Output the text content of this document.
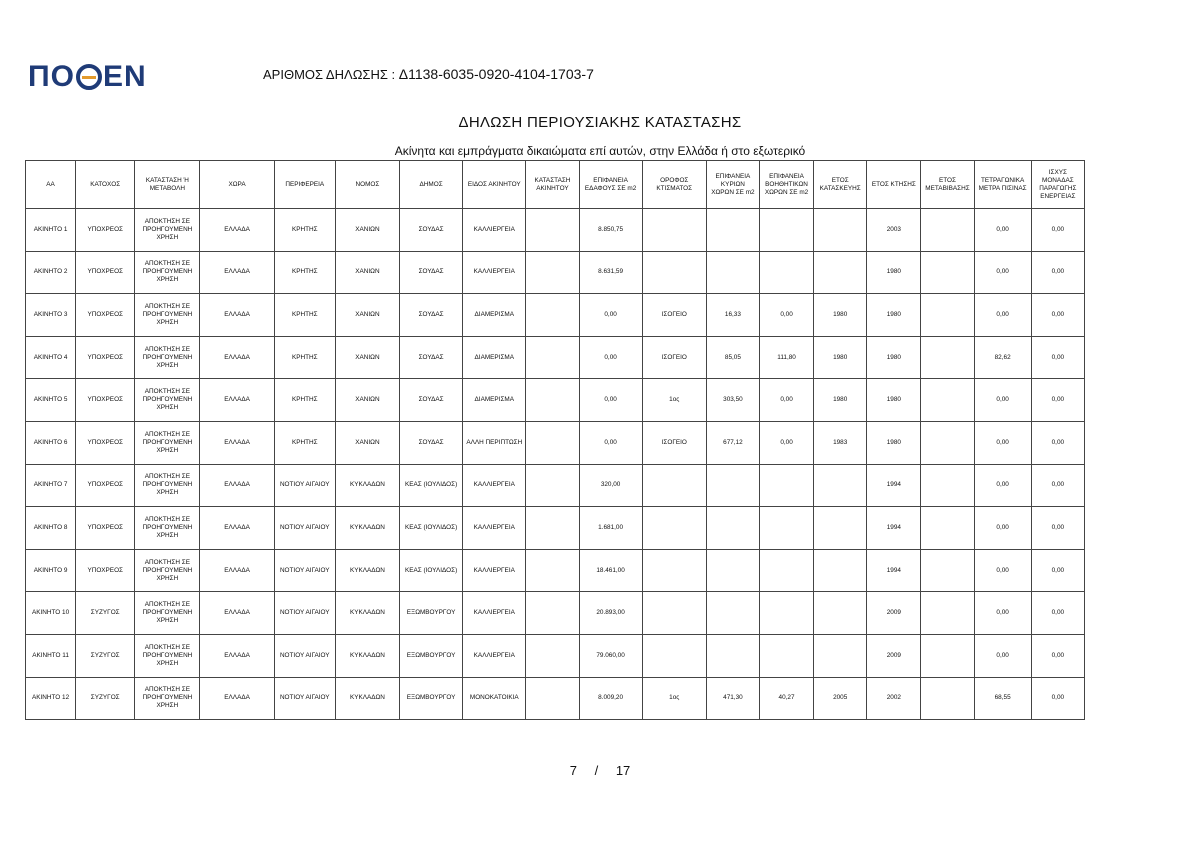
ΠΟ Ε Ν	ΑΡΙΘΜΟΣ ΔΗΛΩΣΗΣ : Δ1138-6035-0920-4104-1703-7
ΔΗΛΩΣΗ ΠΕΡΙΟΥΣΙΑΚΗΣ ΚΑΤΑΣΤΑΣΗΣ
Ακίνητα και εμπράγματα δικαιώματα επί αυτών, στην Ελλάδα ή στο εξωτερικό
ΑΑ	ΚΑΤΟΧΟΣ	ΚΑΤΑΣΤΑΣΗ Ή ΜΕΤΑΒΟΛΗ	ΧΩΡΑ	ΠΕΡΙΦΕΡΕΙΑ	ΝΟΜΟΣ	ΔΗΜΟΣ	ΕΙΔΟΣ ΑΚΙΝΗΤΟΥ	ΚΑΤΑΣΤΑΣΗ ΑΚΙΝΗΤΟΥ	ΕΠΙΦΑΝΕΙΑ ΕΔΑΦΟΥΣ ΣΕ m2	ΟΡΟΦΟΣ ΚΤΙΣΜΑΤΟΣ	ΕΠΙΦΑΝΕΙΑ ΚΥΡΙΩΝ ΧΩΡΩΝ ΣΕ m2	ΕΠΙΦΑΝΕΙΑ ΒΟΗΘΗΤΙΚΩΝ ΧΩΡΩΝ ΣΕ m2	ΕΤΟΣ ΚΑΤΑΣΚΕΥΗΣ	ΕΤΟΣ ΚΤΗΣΗΣ	ΕΤΟΣ ΜΕΤΑΒΙΒΑΣΗΣ	ΤΕΤΡΑΓΩΝΙΚΑ ΜΕΤΡΑ ΠΙΣΙΝΑΣ	ΙΣΧΥΣ ΜΟΝΑΔΑΣ ΠΑΡΑΓΩΓΗΣ ΕΝΕΡΓΕΙΑΣ
ΑΚΙΝΗΤΟ 1	ΥΠΟΧΡΕΟΣ	ΑΠΟΚΤΗΣΗ ΣΕ ΠΡΟΗΓΟΥΜΕΝΗ ΧΡΗΣΗ	ΕΛΛΑΔΑ	ΚΡΗΤΗΣ	ΧΑΝΙΩΝ	ΣΟΥΔΑΣ	ΚΑΛΛΙΕΡΓΕΙΑ		8.850,75					2003		0,00	0,00
ΑΚΙΝΗΤΟ 2	ΥΠΟΧΡΕΟΣ	ΑΠΟΚΤΗΣΗ ΣΕ ΠΡΟΗΓΟΥΜΕΝΗ ΧΡΗΣΗ	ΕΛΛΑΔΑ	ΚΡΗΤΗΣ	ΧΑΝΙΩΝ	ΣΟΥΔΑΣ	ΚΑΛΛΙΕΡΓΕΙΑ		8.631,59					1980		0,00	0,00
ΑΚΙΝΗΤΟ 3	ΥΠΟΧΡΕΟΣ	ΑΠΟΚΤΗΣΗ ΣΕ ΠΡΟΗΓΟΥΜΕΝΗ ΧΡΗΣΗ	ΕΛΛΑΔΑ	ΚΡΗΤΗΣ	ΧΑΝΙΩΝ	ΣΟΥΔΑΣ	ΔΙΑΜΕΡΙΣΜΑ		0,00	ΙΣΟΓΕΙΟ	16,33	0,00	1980	1980		0,00	0,00
ΑΚΙΝΗΤΟ 4	ΥΠΟΧΡΕΟΣ	ΑΠΟΚΤΗΣΗ ΣΕ ΠΡΟΗΓΟΥΜΕΝΗ ΧΡΗΣΗ	ΕΛΛΑΔΑ	ΚΡΗΤΗΣ	ΧΑΝΙΩΝ	ΣΟΥΔΑΣ	ΔΙΑΜΕΡΙΣΜΑ		0,00	ΙΣΟΓΕΙΟ	85,05	111,80	1980	1980		82,62	0,00
ΑΚΙΝΗΤΟ 5	ΥΠΟΧΡΕΟΣ	ΑΠΟΚΤΗΣΗ ΣΕ ΠΡΟΗΓΟΥΜΕΝΗ ΧΡΗΣΗ	ΕΛΛΑΔΑ	ΚΡΗΤΗΣ	ΧΑΝΙΩΝ	ΣΟΥΔΑΣ	ΔΙΑΜΕΡΙΣΜΑ		0,00	1ος	303,50	0,00	1980	1980		0,00	0,00
ΑΚΙΝΗΤΟ 6	ΥΠΟΧΡΕΟΣ	ΑΠΟΚΤΗΣΗ ΣΕ ΠΡΟΗΓΟΥΜΕΝΗ ΧΡΗΣΗ	ΕΛΛΑΔΑ	ΚΡΗΤΗΣ	ΧΑΝΙΩΝ	ΣΟΥΔΑΣ	ΑΛΛΗ ΠΕΡΙΠΤΩΣΗ		0,00	ΙΣΟΓΕΙΟ	677,12	0,00	1983	1980		0,00	0,00
ΑΚΙΝΗΤΟ 7	ΥΠΟΧΡΕΟΣ	ΑΠΟΚΤΗΣΗ ΣΕ ΠΡΟΗΓΟΥΜΕΝΗ ΧΡΗΣΗ	ΕΛΛΑΔΑ	ΝΟΤΙΟΥ ΑΙΓΑΙΟΥ	ΚΥΚΛΑΔΩΝ	ΚΕΑΣ (ΙΟΥΛΙΔΟΣ)	ΚΑΛΛΙΕΡΓΕΙΑ		320,00					1994		0,00	0,00
ΑΚΙΝΗΤΟ 8	ΥΠΟΧΡΕΟΣ	ΑΠΟΚΤΗΣΗ ΣΕ ΠΡΟΗΓΟΥΜΕΝΗ ΧΡΗΣΗ	ΕΛΛΑΔΑ	ΝΟΤΙΟΥ ΑΙΓΑΙΟΥ	ΚΥΚΛΑΔΩΝ	ΚΕΑΣ (ΙΟΥΛΙΔΟΣ)	ΚΑΛΛΙΕΡΓΕΙΑ		1.681,00					1994		0,00	0,00
ΑΚΙΝΗΤΟ 9	ΥΠΟΧΡΕΟΣ	ΑΠΟΚΤΗΣΗ ΣΕ ΠΡΟΗΓΟΥΜΕΝΗ ΧΡΗΣΗ	ΕΛΛΑΔΑ	ΝΟΤΙΟΥ ΑΙΓΑΙΟΥ	ΚΥΚΛΑΔΩΝ	ΚΕΑΣ (ΙΟΥΛΙΔΟΣ)	ΚΑΛΛΙΕΡΓΕΙΑ		18.461,00					1994		0,00	0,00
ΑΚΙΝΗΤΟ 10	ΣΥΖΥΓΟΣ	ΑΠΟΚΤΗΣΗ ΣΕ ΠΡΟΗΓΟΥΜΕΝΗ ΧΡΗΣΗ	ΕΛΛΑΔΑ	ΝΟΤΙΟΥ ΑΙΓΑΙΟΥ	ΚΥΚΛΑΔΩΝ	ΕΞΩΜΒΟΥΡΓΟΥ	ΚΑΛΛΙΕΡΓΕΙΑ		20.893,00					2009		0,00	0,00
ΑΚΙΝΗΤΟ 11	ΣΥΖΥΓΟΣ	ΑΠΟΚΤΗΣΗ ΣΕ ΠΡΟΗΓΟΥΜΕΝΗ ΧΡΗΣΗ	ΕΛΛΑΔΑ	ΝΟΤΙΟΥ ΑΙΓΑΙΟΥ	ΚΥΚΛΑΔΩΝ	ΕΞΩΜΒΟΥΡΓΟΥ	ΚΑΛΛΙΕΡΓΕΙΑ		79.060,00					2009		0,00	0,00
ΑΚΙΝΗΤΟ 12	ΣΥΖΥΓΟΣ	ΑΠΟΚΤΗΣΗ ΣΕ ΠΡΟΗΓΟΥΜΕΝΗ ΧΡΗΣΗ	ΕΛΛΑΔΑ	ΝΟΤΙΟΥ ΑΙΓΑΙΟΥ	ΚΥΚΛΑΔΩΝ	ΕΞΩΜΒΟΥΡΓΟΥ	ΜΟΝΟΚΑΤΟΙΚΙΑ		8.009,20	1ος	471,30	40,27	2005	2002		68,55	0,00
7 / 17
